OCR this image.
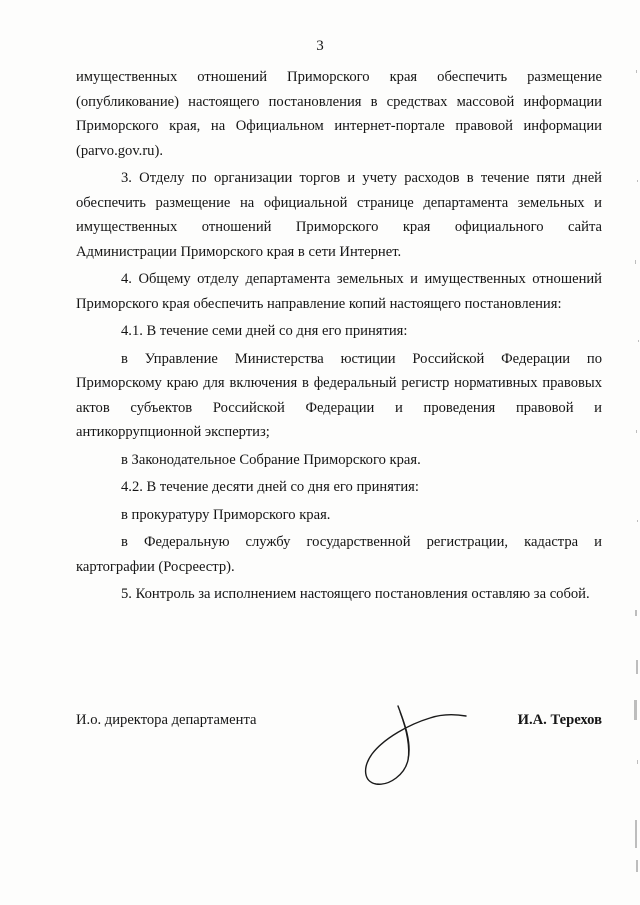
3

имущественных отношений Приморского края обеспечить размещение (опубликование) настоящего постановления в средствах массовой информации Приморского края, на Официальном интернет-портале правовой информации (parvo.gov.ru).

3. Отделу по организации торгов и учету расходов в течение пяти дней обеспечить размещение на официальной странице департамента земельных и имущественных отношений Приморского края официального сайта Администрации Приморского края в сети Интернет.

4. Общему отделу департамента земельных и имущественных отношений Приморского края обеспечить направление копий настоящего постановления:

4.1. В течение семи дней со дня его принятия:

в Управление Министерства юстиции Российской Федерации по Приморскому краю для включения в федеральный регистр нормативных правовых актов субъектов Российской Федерации и проведения правовой и антикоррупционной экспертиз;

в Законодательное Собрание Приморского края.

4.2. В течение десяти дней со дня его принятия:

в прокуратуру Приморского края.

в Федеральную службу государственной регистрации, кадастра и картографии (Росреестр).

5. Контроль за исполнением настоящего постановления оставляю за собой.

И.о. директора департамента	И.А. Терехов
